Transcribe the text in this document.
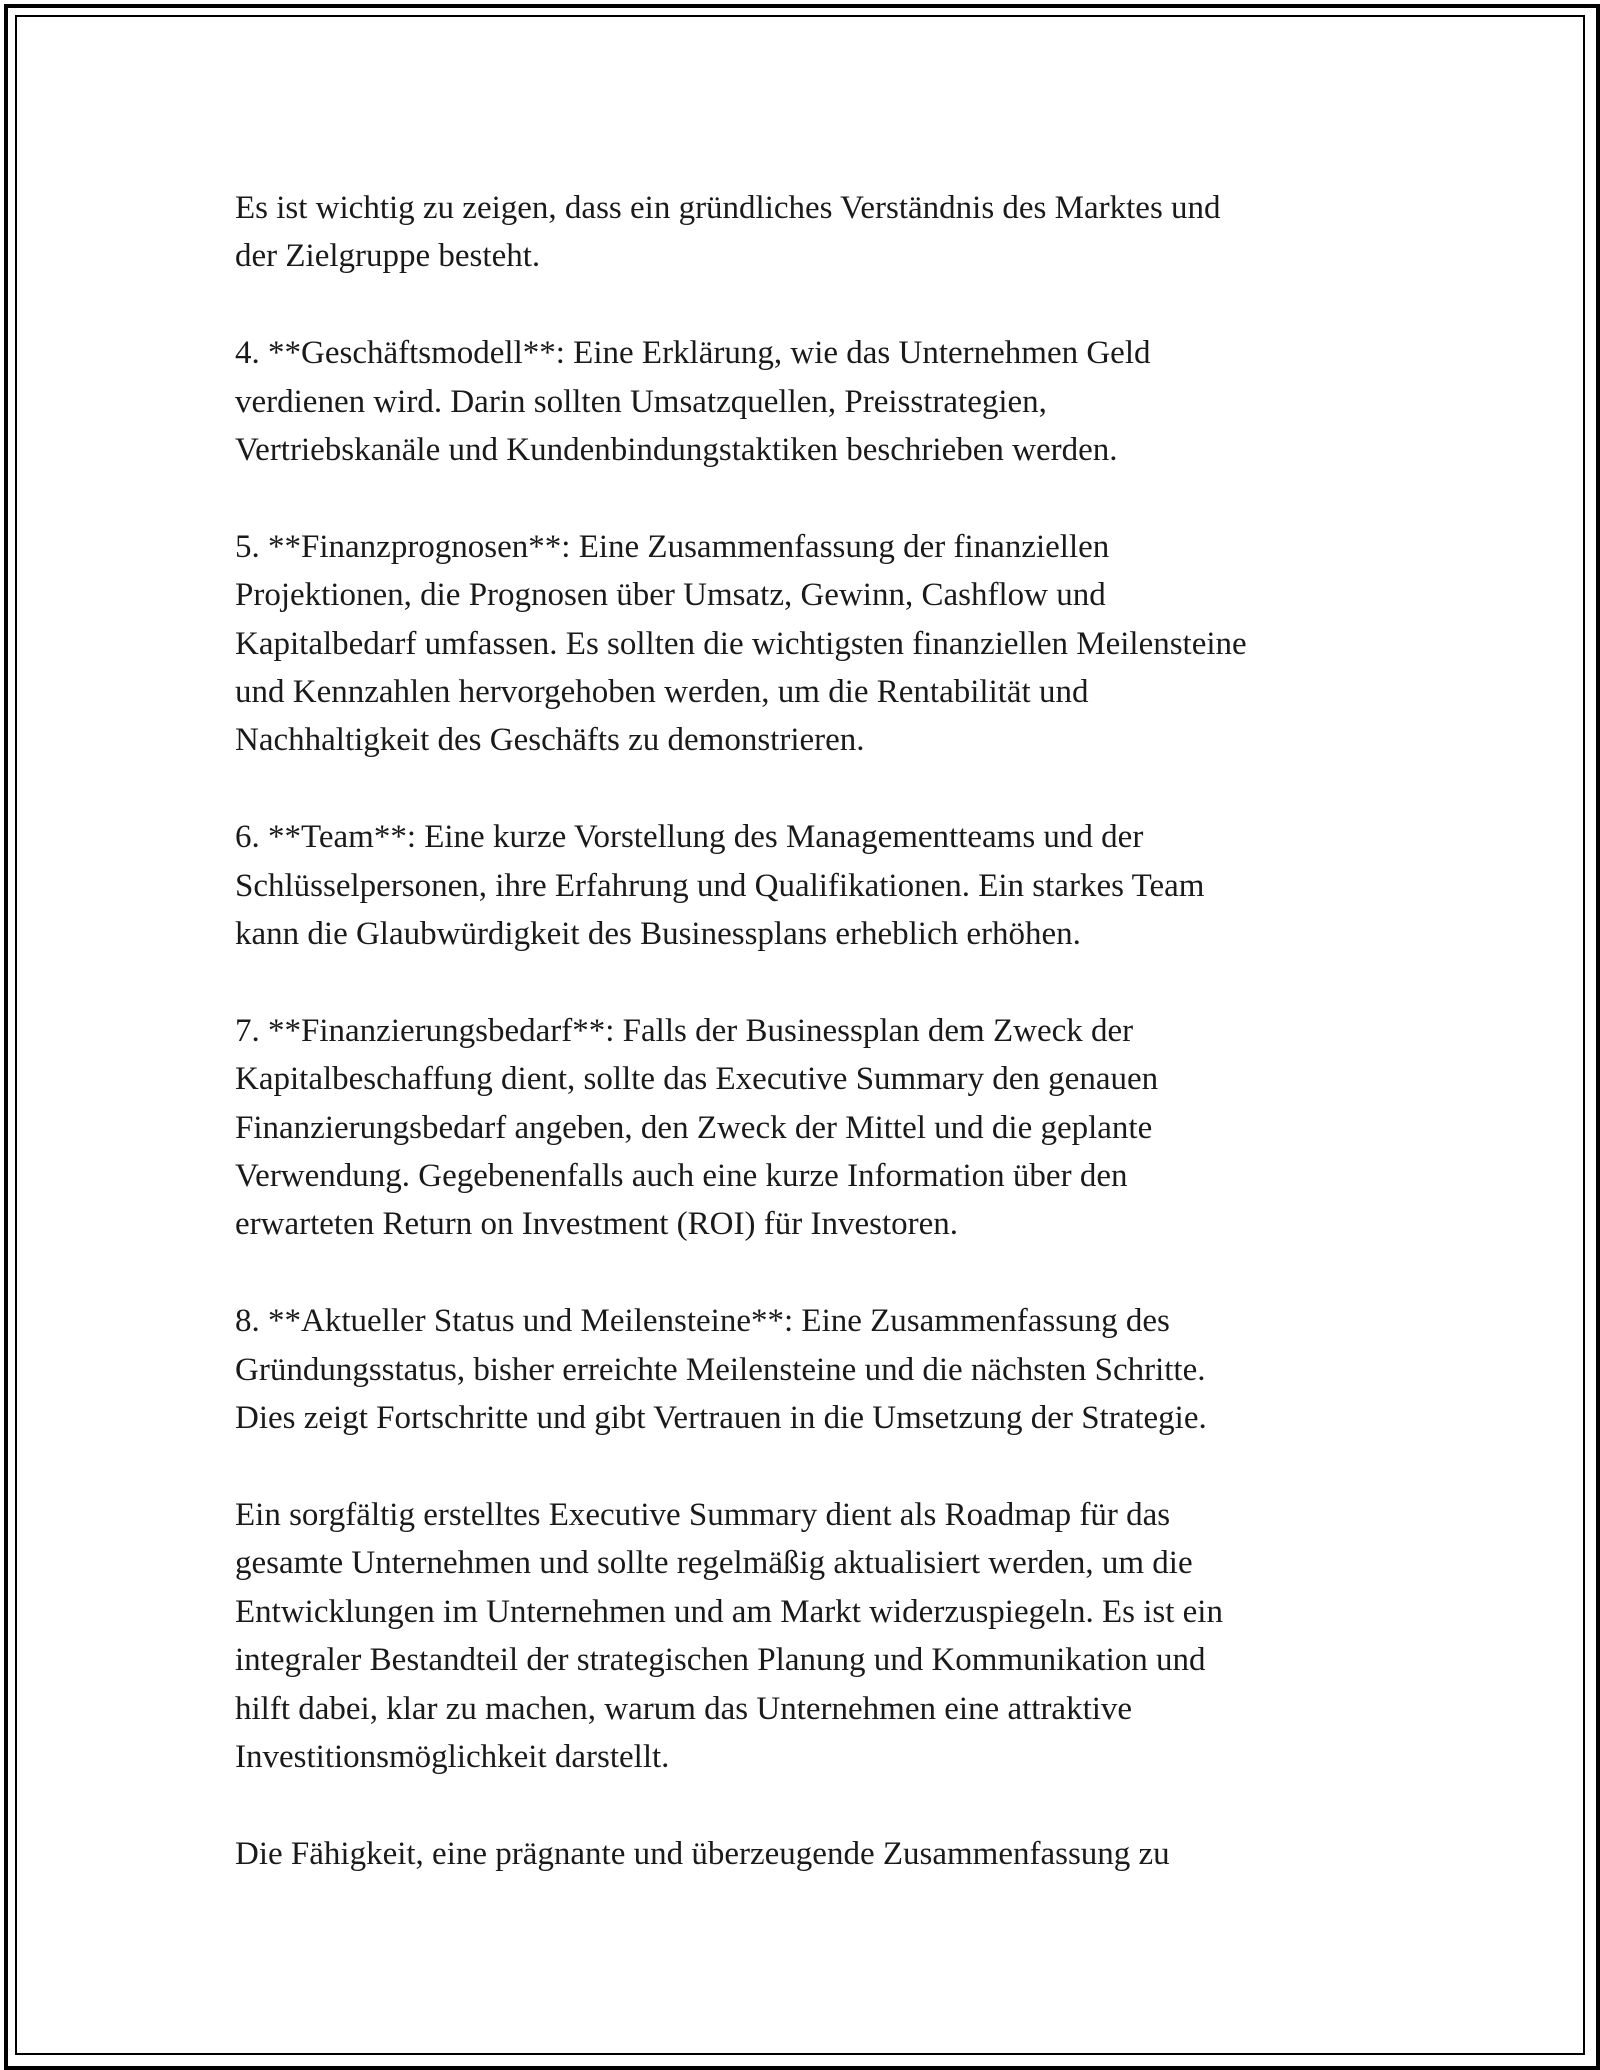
Es ist wichtig zu zeigen, dass ein gründliches Verständnis des Marktes und
der Zielgruppe besteht.

4. **Geschäftsmodell**: Eine Erklärung, wie das Unternehmen Geld
verdienen wird. Darin sollten Umsatzquellen, Preisstrategien,
Vertriebskanäle und Kundenbindungstaktiken beschrieben werden.

5. **Finanzprognosen**: Eine Zusammenfassung der finanziellen
Projektionen, die Prognosen über Umsatz, Gewinn, Cashflow und
Kapitalbedarf umfassen. Es sollten die wichtigsten finanziellen Meilensteine
und Kennzahlen hervorgehoben werden, um die Rentabilität und
Nachhaltigkeit des Geschäfts zu demonstrieren.

6. **Team**: Eine kurze Vorstellung des Managementteams und der
Schlüsselpersonen, ihre Erfahrung und Qualifikationen. Ein starkes Team
kann die Glaubwürdigkeit des Businessplans erheblich erhöhen.

7. **Finanzierungsbedarf**: Falls der Businessplan dem Zweck der
Kapitalbeschaffung dient, sollte das Executive Summary den genauen
Finanzierungsbedarf angeben, den Zweck der Mittel und die geplante
Verwendung. Gegebenenfalls auch eine kurze Information über den
erwarteten Return on Investment (ROI) für Investoren.

8. **Aktueller Status und Meilensteine**: Eine Zusammenfassung des
Gründungsstatus, bisher erreichte Meilensteine und die nächsten Schritte.
Dies zeigt Fortschritte und gibt Vertrauen in die Umsetzung der Strategie.

Ein sorgfältig erstelltes Executive Summary dient als Roadmap für das
gesamte Unternehmen und sollte regelmäßig aktualisiert werden, um die
Entwicklungen im Unternehmen und am Markt widerzuspiegeln. Es ist ein
integraler Bestandteil der strategischen Planung und Kommunikation und
hilft dabei, klar zu machen, warum das Unternehmen eine attraktive
Investitionsmöglichkeit darstellt.

Die Fähigkeit, eine prägnante und überzeugende Zusammenfassung zu
